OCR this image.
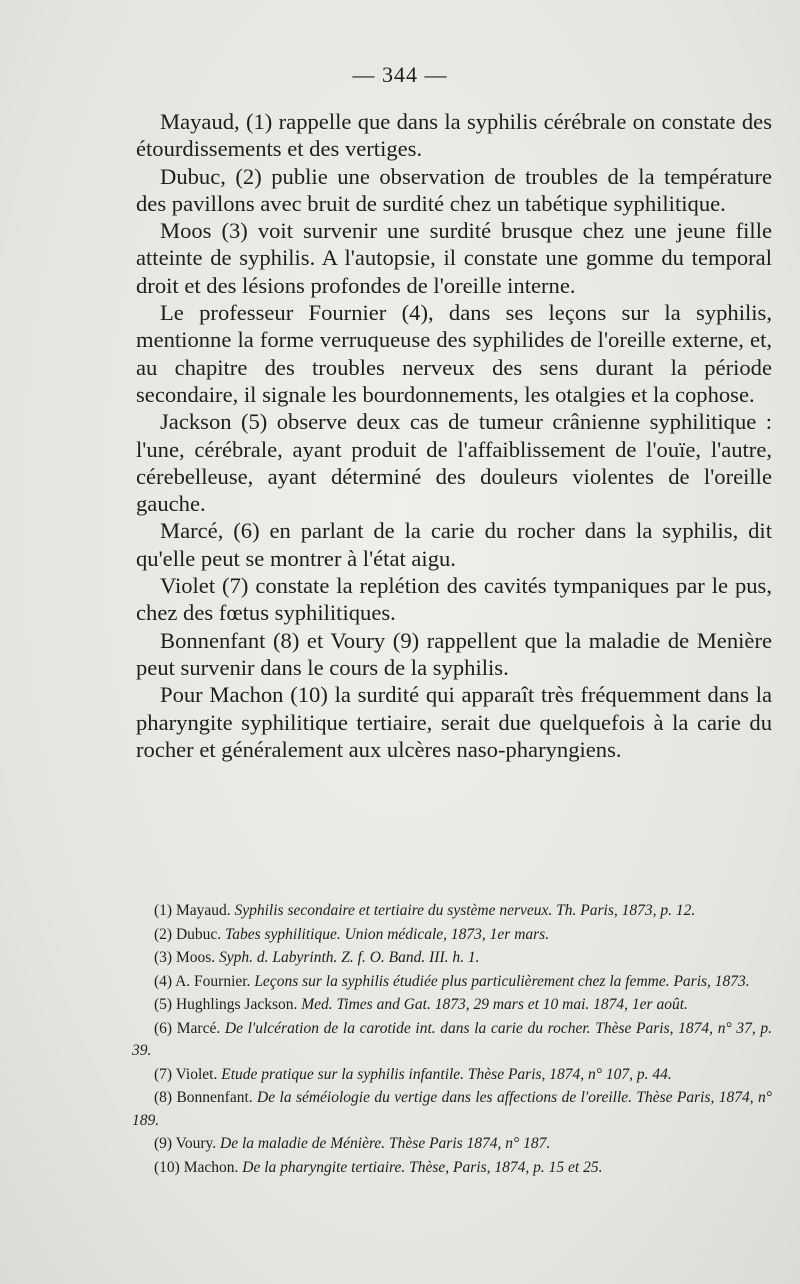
— 344 —

Mayaud, (1) rappelle que dans la syphilis cérébrale on constate des étourdissements et des vertiges.

Dubuc, (2) publie une observation de troubles de la température des pavillons avec bruit de surdité chez un tabétique syphilitique.

Moos (3) voit survenir une surdité brusque chez une jeune fille atteinte de syphilis. A l'autopsie, il constate une gomme du temporal droit et des lésions profondes de l'oreille interne.

Le professeur Fournier (4), dans ses leçons sur la syphilis, mentionne la forme verruqueuse des syphilides de l'oreille externe, et, au chapitre des troubles nerveux des sens durant la période secondaire, il signale les bourdonnements, les otalgies et la cophose.

Jackson (5) observe deux cas de tumeur crânienne syphilitique : l'une, cérébrale, ayant produit de l'affaiblissement de l'ouïe, l'autre, cérebelleuse, ayant déterminé des douleurs violentes de l'oreille gauche.

Marcé, (6) en parlant de la carie du rocher dans la syphilis, dit qu'elle peut se montrer à l'état aigu.

Violet (7) constate la replétion des cavités tympaniques par le pus, chez des fœtus syphilitiques.

Bonnenfant (8) et Voury (9) rappellent que la maladie de Menière peut survenir dans le cours de la syphilis.

Pour Machon (10) la surdité qui apparaît très fréquemment dans la pharyngite syphilitique tertiaire, serait due quelquefois à la carie du rocher et généralement aux ulcères naso-pharyngiens.

(1) Mayaud. Syphilis secondaire et tertiaire du système nerveux. Th. Paris, 1873, p. 12.

(2) Dubuc. Tabes syphilitique. Union médicale, 1873, 1er mars.

(3) Moos. Syph. d. Labyrinth. Z. f. O. Band. III. h. 1.

(4) A. Fournier. Leçons sur la syphilis étudiée plus particulièrement chez la femme. Paris, 1873.

(5) Hughlings Jackson. Med. Times and Gat. 1873, 29 mars et 10 mai. 1874, 1er août.

(6) Marcé. De l'ulcération de la carotide int. dans la carie du rocher. Thèse Paris, 1874, n° 37, p. 39.

(7) Violet. Etude pratique sur la syphilis infantile. Thèse Paris, 1874, n° 107, p. 44.

(8) Bonnenfant. De la séméiologie du vertige dans les affections de l'oreille. Thèse Paris, 1874, n° 189.

(9) Voury. De la maladie de Ménière. Thèse Paris 1874, n° 187.

(10) Machon. De la pharyngite tertiaire. Thèse, Paris, 1874, p. 15 et 25.
